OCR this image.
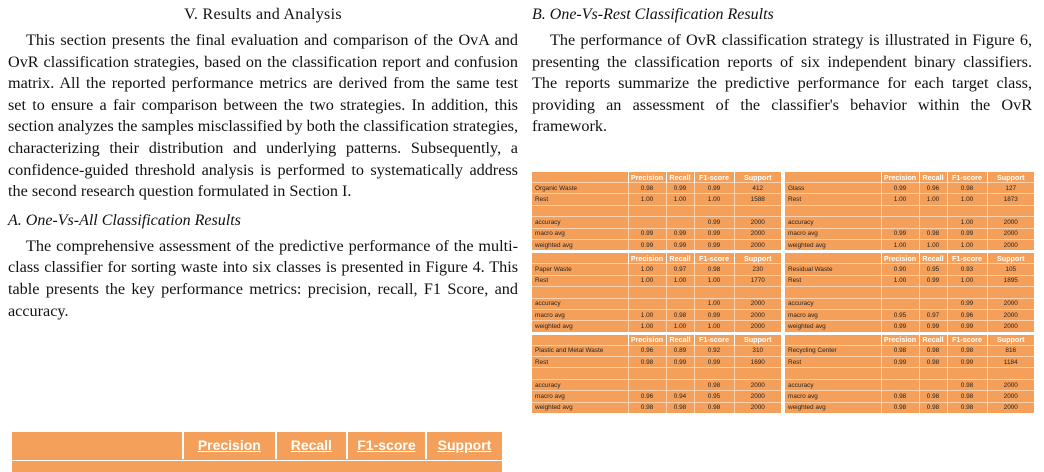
V. Results and Analysis

This section presents the final evaluation and comparison of the OvA and OvR classification strategies, based on the classification report and confusion matrix. All the reported performance metrics are derived from the same test set to ensure a fair comparison between the two strategies. In addition, this section analyzes the samples misclassified by both the classification strategies, characterizing their distribution and underlying patterns. Subsequently, a confidence-guided threshold analysis is performed to systematically address the second research question formulated in Section I.

A. One-Vs-All Classification Results

The comprehensive assessment of the predictive performance of the multi-class classifier for sorting waste into six classes is presented in Figure 4. This table presents the key performance metrics: precision, recall, F1 Score, and accuracy.

Precision	Recall	F1-score	Support
B. One-Vs-Rest Classification Results

The performance of OvR classification strategy is illustrated in Figure 6, presenting the classification reports of six independent binary classifiers. The reports summarize the predictive performance for each target class, providing an assessment of the classifier's behavior within the OvR framework.

	Precision	Recall	F1-score	Support
Organic Waste	0.98	0.99	0.99	412
Rest	1.00	1.00	1.00	1588

accuracy			0.99	2000
macro avg	0.99	0.99	0.99	2000
weighted avg	0.99	0.99	0.99	2000
	Precision	Recall	F1-score	Support
Glass	0.99	0.96	0.98	127
Rest	1.00	1.00	1.00	1873

accuracy			1.00	2000
macro avg	0.99	0.98	0.99	2000
weighted avg	1.00	1.00	1.00	2000
	Precision	Recall	F1-score	Support
Paper Waste	1.00	0.97	0.98	230
Rest	1.00	1.00	1.00	1770

accuracy			1.00	2000
macro avg	1.00	0.98	0.99	2000
weighted avg	1.00	1.00	1.00	2000
	Precision	Recall	F1-score	Support
Residual Waste	0.90	0.95	0.93	105
Rest	1.00	0.99	1.00	1895

accuracy			0.99	2000
macro avg	0.95	0.97	0.96	2000
weighted avg	0.99	0.99	0.99	2000
	Precision	Recall	F1-score	Support
Plastic and Metal Waste	0.96	0.89	0.92	310
Rest	0.98	0.99	0.99	1690

accuracy			0.98	2000
macro avg	0.96	0.94	0.95	2000
weighted avg	0.98	0.98	0.98	2000
	Precision	Recall	F1-score	Support
Recycling Center	0.98	0.98	0.98	816
Rest	0.99	0.98	0.99	1184

accuracy			0.98	2000
macro avg	0.98	0.98	0.98	2000
weighted avg	0.98	0.98	0.98	2000
